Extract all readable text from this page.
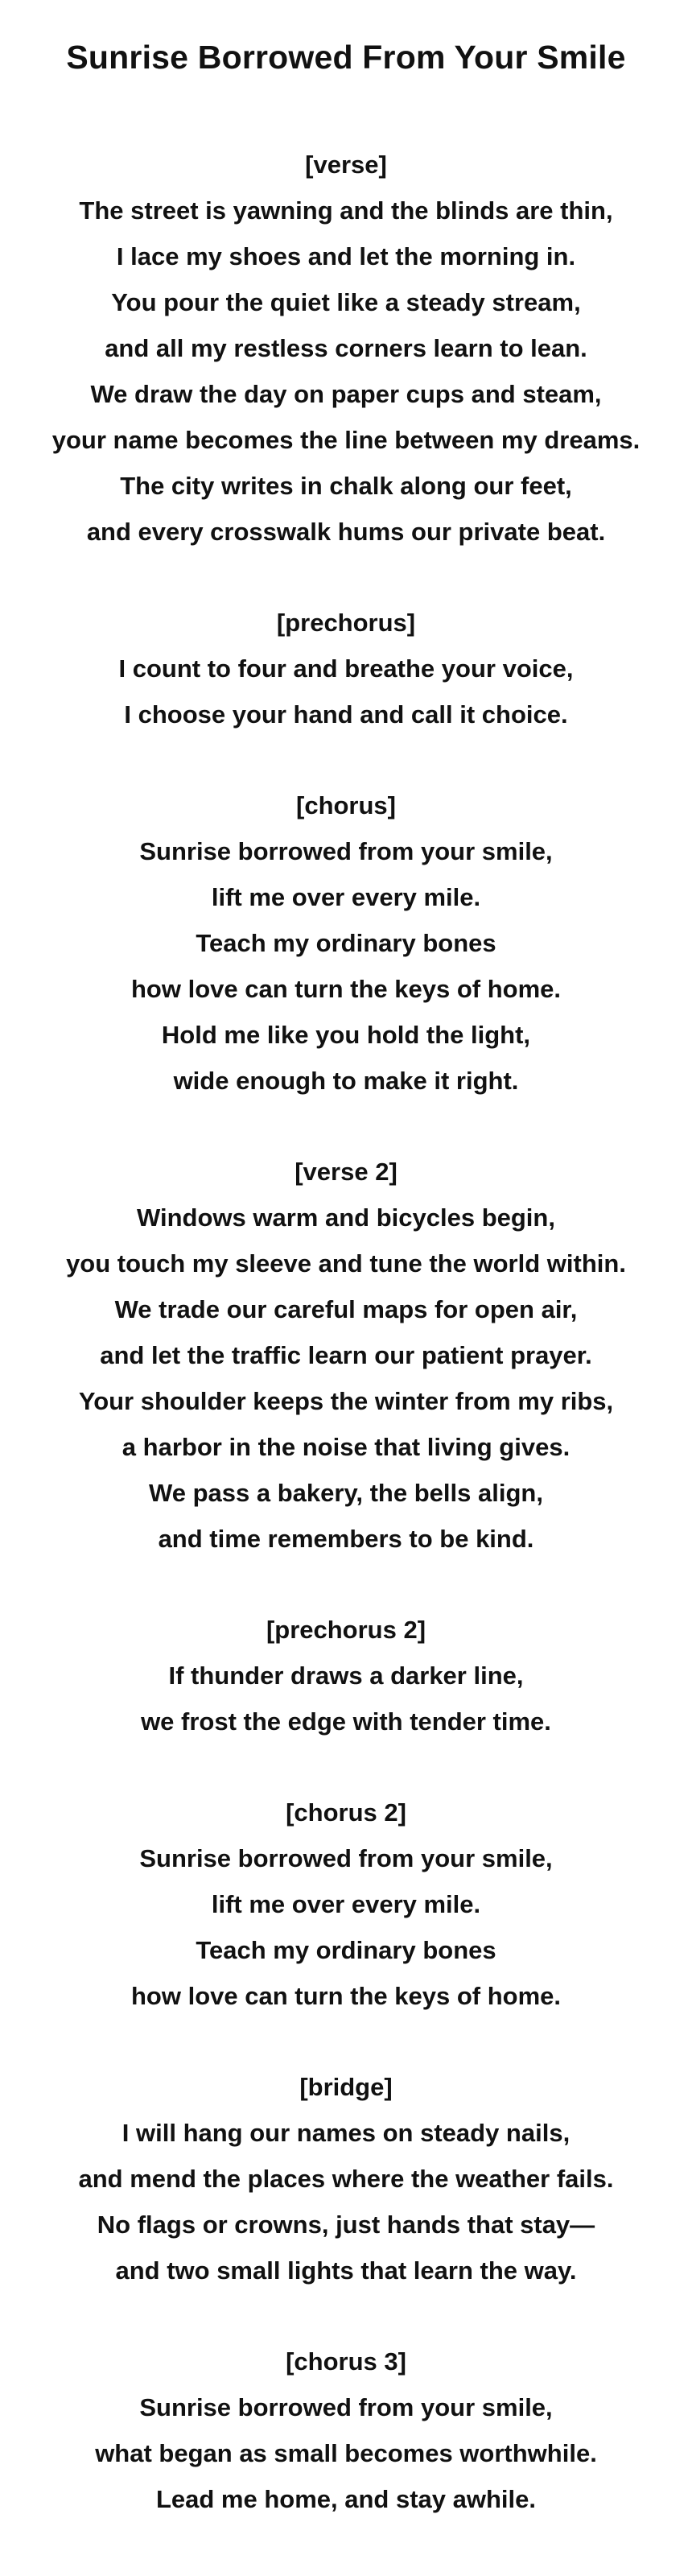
Sunrise Borrowed From Your Smile
[verse]
The street is yawning and the blinds are thin,
I lace my shoes and let the morning in.
You pour the quiet like a steady stream,
and all my restless corners learn to lean.
We draw the day on paper cups and steam,
your name becomes the line between my dreams.
The city writes in chalk along our feet,
and every crosswalk hums our private beat.
[prechorus]
I count to four and breathe your voice,
I choose your hand and call it choice.
[chorus]
Sunrise borrowed from your smile,
lift me over every mile.
Teach my ordinary bones
how love can turn the keys of home.
Hold me like you hold the light,
wide enough to make it right.
[verse 2]
Windows warm and bicycles begin,
you touch my sleeve and tune the world within.
We trade our careful maps for open air,
and let the traffic learn our patient prayer.
Your shoulder keeps the winter from my ribs,
a harbor in the noise that living gives.
We pass a bakery, the bells align,
and time remembers to be kind.
[prechorus 2]
If thunder draws a darker line,
we frost the edge with tender time.
[chorus 2]
Sunrise borrowed from your smile,
lift me over every mile.
Teach my ordinary bones
how love can turn the keys of home.
[bridge]
I will hang our names on steady nails,
and mend the places where the weather fails.
No flags or crowns, just hands that stay—
and two small lights that learn the way.
[chorus 3]
Sunrise borrowed from your smile,
what began as small becomes worthwhile.
Lead me home, and stay awhile.
